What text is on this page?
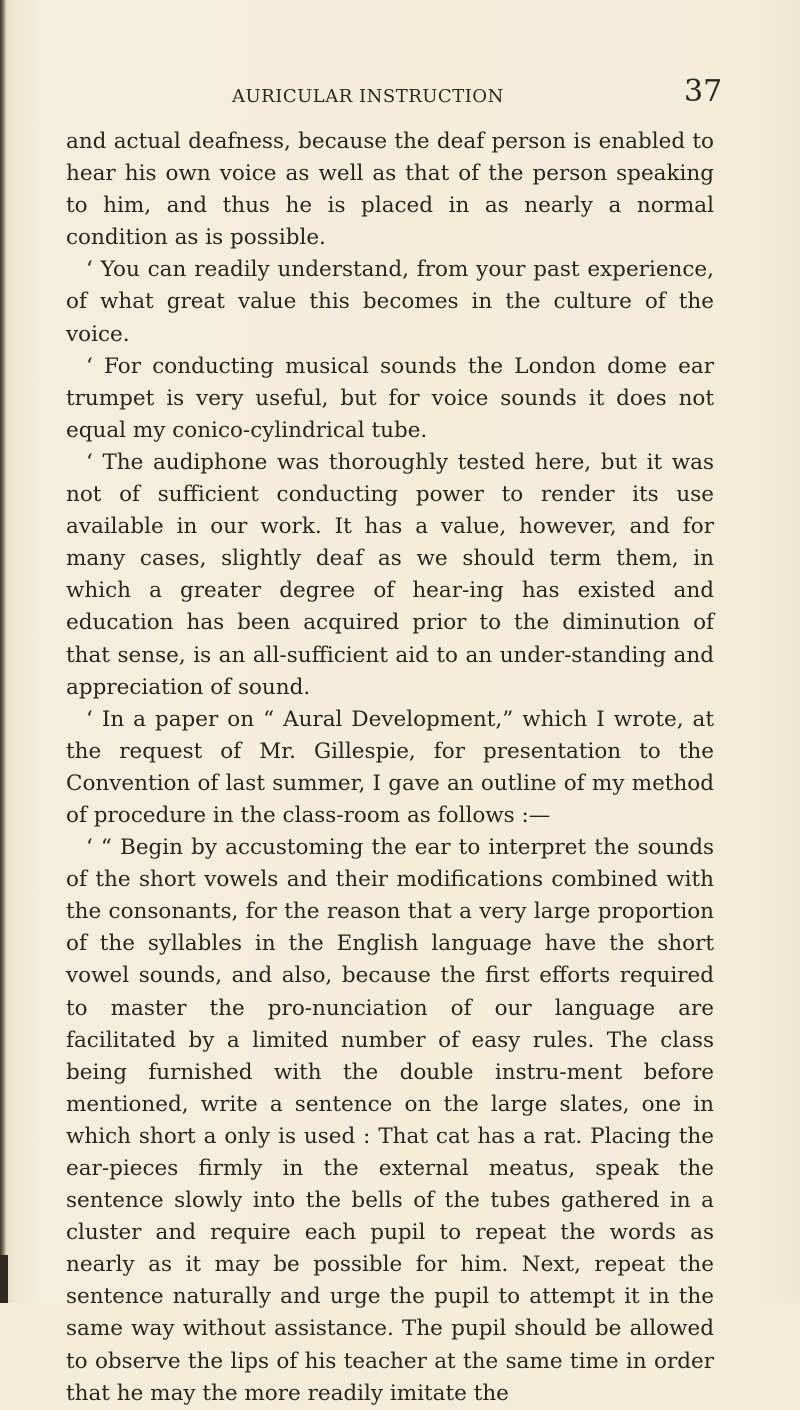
AURICULAR INSTRUCTION	37

and actual deafness, because the deaf person is enabled to hear his own voice as well as that of the person speaking to him, and thus he is placed in as nearly a normal condition as is possible.

‘ You can readily understand, from your past experience, of what great value this becomes in the culture of the voice.

‘ For conducting musical sounds the London dome ear trumpet is very useful, but for voice sounds it does not equal my conico-cylindrical tube.

‘ The audiphone was thoroughly tested here, but it was not of sufficient conducting power to render its use available in our work. It has a value, however, and for many cases, slightly deaf as we should term them, in which a greater degree of hear-ing has existed and education has been acquired prior to the diminution of that sense, is an all-sufficient aid to an under-standing and appreciation of sound.

‘ In a paper on “ Aural Development,” which I wrote, at the request of Mr. Gillespie, for presentation to the Convention of last summer, I gave an outline of my method of procedure in the class-room as follows :—

‘ “ Begin by accustoming the ear to interpret the sounds of the short vowels and their modifications combined with the consonants, for the reason that a very large proportion of the syllables in the English language have the short vowel sounds, and also, because the first efforts required to master the pro-nunciation of our language are facilitated by a limited number of easy rules. The class being furnished with the double instru-ment before mentioned, write a sentence on the large slates, one in which short a only is used : That cat has a rat. Placing the ear-pieces firmly in the external meatus, speak the sentence slowly into the bells of the tubes gathered in a cluster and require each pupil to repeat the words as nearly as it may be possible for him. Next, repeat the sentence naturally and urge the pupil to attempt it in the same way without assistance. The pupil should be allowed to observe the lips of his teacher at the same time in order that he may the more readily imitate the
